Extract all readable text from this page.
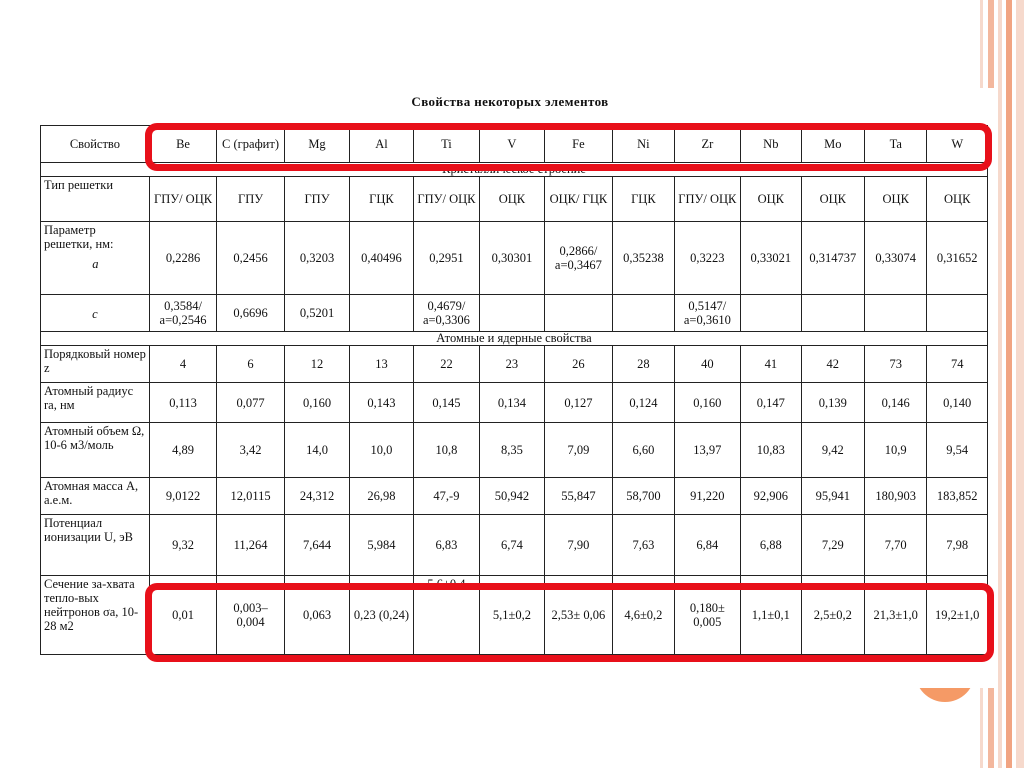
Свойства некоторых элементов
Свойство	Be	C (графит)	Mg	Al	Ti	V	Fe	Ni	Zr	Nb	Mo	Ta	W
Кристаллическое строение													
Тип решетки	ГПУ/ ОЦК	ГПУ	ГПУ	ГЦК	ГПУ/ ОЦК	ОЦК	ОЦК/ ГЦК	ГЦК	ГПУ/ ОЦК	ОЦК	ОЦК	ОЦК	ОЦК
Параметр решетки, нм:
a	0,2286	0,2456	0,3203	0,40496	0,2951	0,30301	0,2866/ a=0,3467	0,35238	0,3223	0,33021	0,314737	0,33074	0,31652

c	0,3584/ a=0,2546	0,6696	0,5201		0,4679/ a=0,3306				0,5147/ a=0,3610				
Атомные и ядерные свойства													
Порядковый номер z	4	6	12	13	22	23	26	28	40	41	42	73	74
Атомный радиус rа, нм	0,113	0,077	0,160	0,143	0,145	0,134	0,127	0,124	0,160	0,147	0,139	0,146	0,140
Атомный объем Ω, 10-6 м3/моль	4,89	3,42	14,0	10,0	10,8	8,35	7,09	6,60	13,97	10,83	9,42	10,9	9,54
Атомная масса A, а.е.м.	9,0122	12,0115	24,312	26,98	47,-9	50,942	55,847	58,700	91,220	92,906	95,941	180,903	183,852
Потенциал ионизации U, эВ	9,32	11,264	7,644	5,984	6,83	6,74	7,90	7,63	6,84	6,88	7,29	7,70	7,98
Сечение за-хвата тепло-вых нейтронов σa, 10-28 м2	0,01	0,003– 0,004	0,063	0,23 (0,24)	5,6±0,4	5,1±0,2	2,53± 0,06	4,6±0,2	0,180± 0,005	1,1±0,1	2,5±0,2	21,3±1,0	19,2±1,0
